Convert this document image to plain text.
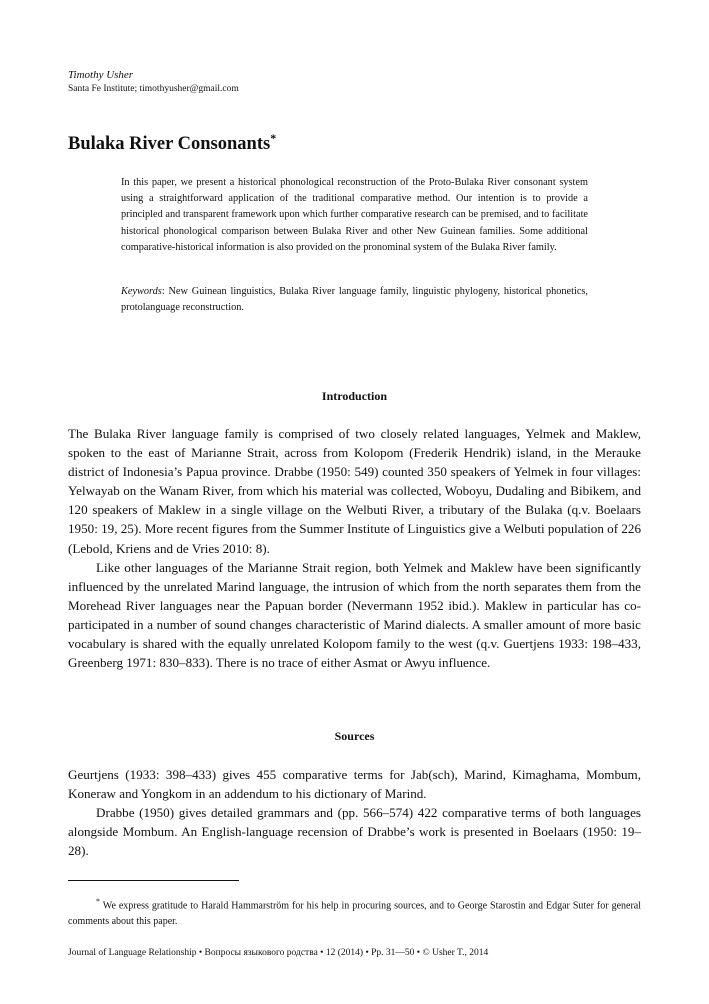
Timothy Usher
Santa Fe Institute; timothyusher@gmail.com
Bulaka River Consonants*
In this paper, we present a historical phonological reconstruction of the Proto-Bulaka River consonant system using a straightforward application of the traditional comparative method. Our intention is to provide a principled and transparent framework upon which further comparative research can be premised, and to facilitate historical phonological comparison between Bulaka River and other New Guinean families. Some additional comparative-historical information is also provided on the pronominal system of the Bulaka River family.
Keywords: New Guinean linguistics, Bulaka River language family, linguistic phylogeny, historical phonetics, protolanguage reconstruction.
Introduction

The Bulaka River language family is comprised of two closely related languages, Yelmek and Maklew, spoken to the east of Marianne Strait, across from Kolopom (Frederik Hendrik) island, in the Merauke district of Indonesia’s Papua province. Drabbe (1950: 549) counted 350 speakers of Yelmek in four villages: Yelwayab on the Wanam River, from which his material was collected, Woboyu, Dudaling and Bibikem, and 120 speakers of Maklew in a single village on the Welbuti River, a tributary of the Bulaka (q.v. Boelaars 1950: 19, 25). More recent figures from the Summer Institute of Linguistics give a Welbuti population of 226 (Lebold, Kriens and de Vries 2010: 8).

Like other languages of the Marianne Strait region, both Yelmek and Maklew have been significantly influenced by the unrelated Marind language, the intrusion of which from the north separates them from the Morehead River languages near the Papuan border (Nevermann 1952 ibid.). Maklew in particular has co-participated in a number of sound changes characteristic of Marind dialects. A smaller amount of more basic vocabulary is shared with the equally unrelated Kolopom family to the west (q.v. Guertjens 1933: 198–433, Greenberg 1971: 830–833). There is no trace of either Asmat or Awyu influence.

Sources

Geurtjens (1933: 398–433) gives 455 comparative terms for Jab(sch), Marind, Kimaghama, Mombum, Koneraw and Yongkom in an addendum to his dictionary of Marind.

Drabbe (1950) gives detailed grammars and (pp. 566–574) 422 comparative terms of both languages alongside Mombum. An English-language recension of Drabbe’s work is presented in Boelaars (1950: 19–28).

* We express gratitude to Harald Hammarström for his help in procuring sources, and to George Starostin and Edgar Suter for general comments about this paper.
Journal of Language Relationship • Вопросы языкового родства • 12 (2014) • Pp. 31—50 • © Usher T., 2014
